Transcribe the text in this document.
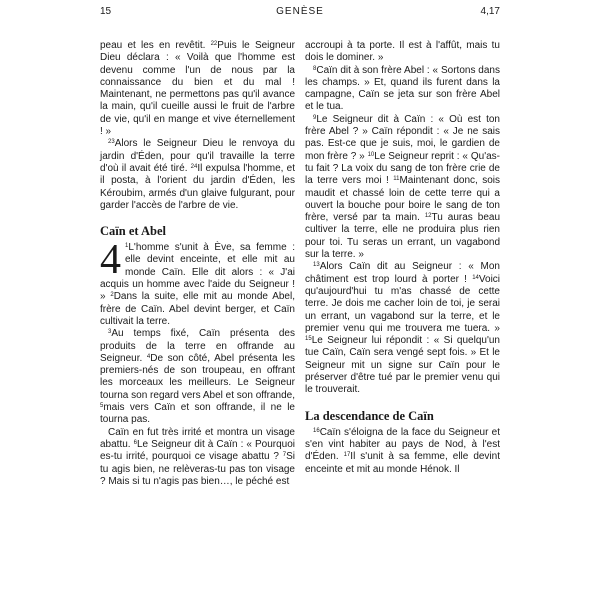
15	GENÈSE	4,17

peau et les en revêtit. $^{22}$Puis le Seigneur Dieu déclara : « Voilà que l'homme est devenu comme l'un de nous par la connaissance du bien et du mal ! Maintenant, ne permettons pas qu'il avance la main, qu'il cueille aussi le fruit de l'arbre de vie, qu'il en mange et vive éternellement ! »

$^{23}$Alors le Seigneur Dieu le renvoya du jardin d'Éden, pour qu'il travaille la terre d'où il avait été tiré. $^{24}$Il expulsa l'homme, et il posta, à l'orient du jardin d'Éden, les Kéroubim, armés d'un glaive fulgurant, pour garder l'accès de l'arbre de vie.

Caïn et Abel

4 $^1$L'homme s'unit à Ève, sa femme : elle devint enceinte, et elle mit au monde Caïn. Elle dit alors : « J'ai acquis un homme avec l'aide du Seigneur ! » $^2$Dans la suite, elle mit au monde Abel, frère de Caïn. Abel devint berger, et Caïn cultivait la terre.

$^3$Au temps fixé, Caïn présenta des produits de la terre en offrande au Seigneur. $^4$De son côté, Abel présenta les premiers-nés de son troupeau, en offrant les morceaux les meilleurs. Le Seigneur tourna son regard vers Abel et son offrande, $^5$mais vers Caïn et son offrande, il ne le tourna pas.

Caïn en fut très irrité et montra un visage abattu. $^6$Le Seigneur dit à Caïn : « Pourquoi es-tu irrité, pourquoi ce visage abattu ? $^7$Si tu agis bien, ne relèveras-tu pas ton visage ? Mais si tu n'agis pas bien…, le péché est

accroupi à ta porte. Il est à l'affût, mais tu dois le dominer. »

$^8$Caïn dit à son frère Abel : « Sortons dans les champs. » Et, quand ils furent dans la campagne, Caïn se jeta sur son frère Abel et le tua.

$^9$Le Seigneur dit à Caïn : « Où est ton frère Abel ? » Caïn répondit : « Je ne sais pas. Est-ce que je suis, moi, le gardien de mon frère ? » $^{10}$Le Seigneur reprit : « Qu'as-tu fait ? La voix du sang de ton frère crie de la terre vers moi ! $^{11}$Maintenant donc, sois maudit et chassé loin de cette terre qui a ouvert la bouche pour boire le sang de ton frère, versé par ta main. $^{12}$Tu auras beau cultiver la terre, elle ne produira plus rien pour toi. Tu seras un errant, un vagabond sur la terre. »

$^{13}$Alors Caïn dit au Seigneur : « Mon châtiment est trop lourd à porter ! $^{14}$Voici qu'aujourd'hui tu m'as chassé de cette terre. Je dois me cacher loin de toi, je serai un errant, un vagabond sur la terre, et le premier venu qui me trouvera me tuera. » $^{15}$Le Seigneur lui répondit : « Si quelqu'un tue Caïn, Caïn sera vengé sept fois. » Et le Seigneur mit un signe sur Caïn pour le préserver d'être tué par le premier venu qui le trouverait.

La descendance de Caïn

$^{16}$Caïn s'éloigna de la face du Seigneur et s'en vint habiter au pays de Nod, à l'est d'Éden. $^{17}$Il s'unit à sa femme, elle devint enceinte et mit au monde Hénok. Il
